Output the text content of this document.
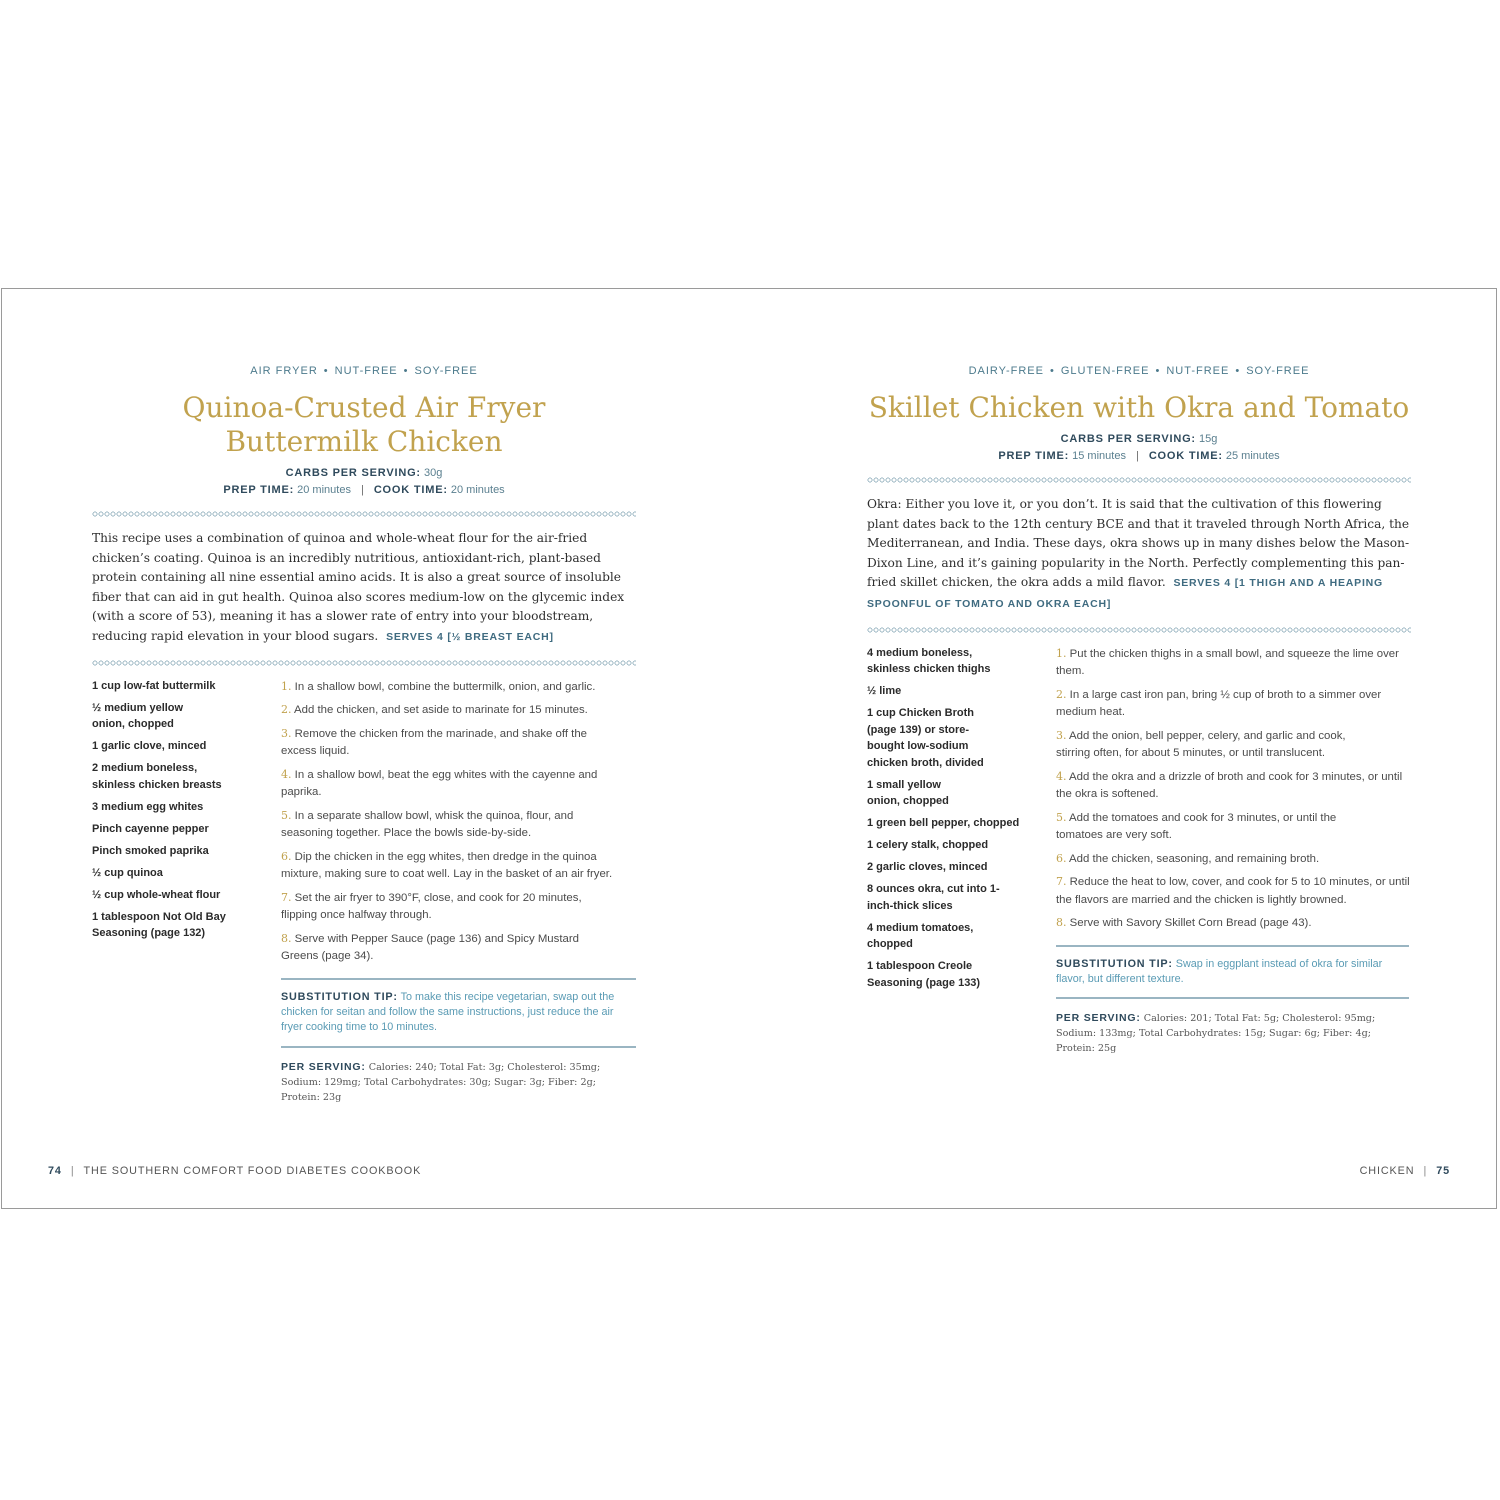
AIR FRYER • NUT-FREE • SOY-FREE
Quinoa-Crusted Air Fryer
Buttermilk Chicken
CARBS PER SERVING: 30g
PREP TIME: 20 minutes | COOK TIME: 20 minutes
This recipe uses a combination of quinoa and whole-wheat flour for the air-fried chicken’s coating. Quinoa is an incredibly nutritious, antioxidant-rich, plant-based protein containing all nine essential amino acids. It is also a great source of insoluble fiber that can aid in gut health. Quinoa also scores medium-low on the glycemic index (with a score of 53), meaning it has a slower rate of entry into your bloodstream, reducing rapid elevation in your blood sugars. SERVES 4 [½ BREAST EACH]
1 cup low-fat buttermilk
½ medium yellow onion, chopped
1 garlic clove, minced
2 medium boneless, skinless chicken breasts
3 medium egg whites
Pinch cayenne pepper
Pinch smoked paprika
½ cup quinoa
½ cup whole-wheat flour
1 tablespoon Not Old Bay Seasoning (page 132)
1. In a shallow bowl, combine the buttermilk, onion, and garlic.
2. Add the chicken, and set aside to marinate for 15 minutes.
3. Remove the chicken from the marinade, and shake off the excess liquid.
4. In a shallow bowl, beat the egg whites with the cayenne and paprika.
5. In a separate shallow bowl, whisk the quinoa, flour, and seasoning together. Place the bowls side-by-side.
6. Dip the chicken in the egg whites, then dredge in the quinoa mixture, making sure to coat well. Lay in the basket of an air fryer.
7. Set the air fryer to 390°F, close, and cook for 20 minutes, flipping once halfway through.
8. Serve with Pepper Sauce (page 136) and Spicy Mustard Greens (page 34).
SUBSTITUTION TIP: To make this recipe vegetarian, swap out the chicken for seitan and follow the same instructions, just reduce the air fryer cooking time to 10 minutes.
PER SERVING: Calories: 240; Total Fat: 3g; Cholesterol: 35mg; Sodium: 129mg; Total Carbohydrates: 30g; Sugar: 3g; Fiber: 2g; Protein: 23g
DAIRY-FREE • GLUTEN-FREE • NUT-FREE • SOY-FREE
Skillet Chicken with Okra and Tomato
CARBS PER SERVING: 15g
PREP TIME: 15 minutes | COOK TIME: 25 minutes
Okra: Either you love it, or you don’t. It is said that the cultivation of this flowering plant dates back to the 12th century BCE and that it traveled through North Africa, the Mediterranean, and India. These days, okra shows up in many dishes below the Mason-Dixon Line, and it’s gaining popularity in the North. Perfectly complementing this pan-fried skillet chicken, the okra adds a mild flavor. SERVES 4 [1 THIGH AND A HEAPING SPOONFUL OF TOMATO AND OKRA EACH]
4 medium boneless, skinless chicken thighs
½ lime
1 cup Chicken Broth (page 139) or store-bought low-sodium chicken broth, divided
1 small yellow onion, chopped
1 green bell pepper, chopped
1 celery stalk, chopped
2 garlic cloves, minced
8 ounces okra, cut into 1-inch-thick slices
4 medium tomatoes, chopped
1 tablespoon Creole Seasoning (page 133)
1. Put the chicken thighs in a small bowl, and squeeze the lime over them.
2. In a large cast iron pan, bring ½ cup of broth to a simmer over medium heat.
3. Add the onion, bell pepper, celery, and garlic and cook, stirring often, for about 5 minutes, or until translucent.
4. Add the okra and a drizzle of broth and cook for 3 minutes, or until the okra is softened.
5. Add the tomatoes and cook for 3 minutes, or until the tomatoes are very soft.
6. Add the chicken, seasoning, and remaining broth.
7. Reduce the heat to low, cover, and cook for 5 to 10 minutes, or until the flavors are married and the chicken is lightly browned.
8. Serve with Savory Skillet Corn Bread (page 43).
SUBSTITUTION TIP: Swap in eggplant instead of okra for similar flavor, but different texture.
PER SERVING: Calories: 201; Total Fat: 5g; Cholesterol: 95mg; Sodium: 133mg; Total Carbohydrates: 15g; Sugar: 6g; Fiber: 4g; Protein: 25g
74 | THE SOUTHERN COMFORT FOOD DIABETES COOKBOOK	CHICKEN | 75
